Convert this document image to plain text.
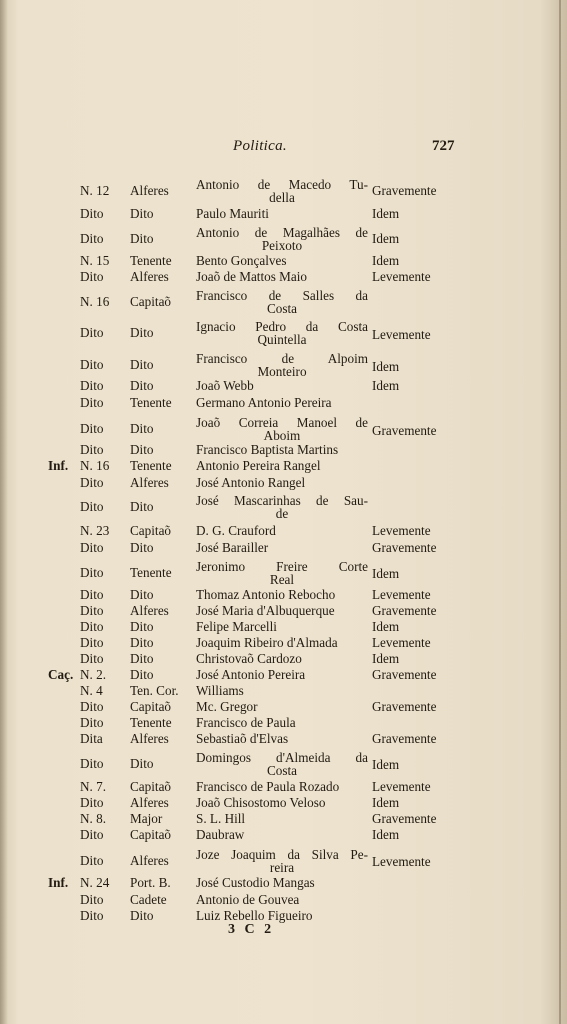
Politica.	727
N. 12 Alferes Antonio de Macedo Tu-
della	Gravemente
Dito Dito	Paulo Mauriti	Idem
Dito Dito	Antonio de Magalhães de
Peixoto	Idem
N. 15 Tenente Bento Gonçalves	Idem
Dito Alferes Joaõ de Mattos Maio	Levemente
N. 16 Capitaõ Francisco de Salles da
Costa
Dito Dito	Ignacio Pedro da Costa
Quintella	Levemente
Dito Dito	Francisco de Alpoim
Monteiro	Idem
Dito Dito	Joaõ Webb	Idem
Dito Tenente Germano Antonio Pereira
Dito Dito	Joaõ Correia Manoel de
Aboim	Gravemente
Dito Dito	Francisco Baptista Martins
Inf. N. 16 Tenente Antonio Pereira Rangel
Dito Alferes José Antonio Rangel
Dito Dito	José Mascarinhas de Sau-
de
N. 23 Capitaõ D. G. Crauford	Levemente
Dito Dito	José Barailler	Gravemente
Dito Tenente Jeronimo Freire Corte
Real	Idem
Dito Dito	Thomaz Antonio Rebocho	Levemente
Dito Alferes José Maria d'Albuquerque	Gravemente
Dito Dito	Felipe Marcelli	Idem
Dito Dito	Joaquim Ribeiro d'Almada	Levemente
Dito Dito	Christovaõ Cardozo	Idem
Caç. N. 2. Dito	José Antonio Pereira	Gravemente
N. 4 Ten. Cor. Williams
Dito Capitaõ Mc. Gregor	Gravemente
Dito Tenente Francisco de Paula
Dita Alferes Sebastiaõ d'Elvas	Gravemente
Dito Dito	Domingos d'Almeida da
Costa	Idem
N. 7. Capitaõ Francisco de Paula Rozado	Levemente
Dito Alferes Joaõ Chisostomo Veloso	Idem
N. 8. Major	S. L. Hill	Gravemente
Dito Capitaõ Daubraw	Idem
Dito Alferes Joze Joaquim da Silva Pe-
reira	Levemente
Inf. N. 24 Port. B. José Custodio Mangas
Dito Cadete Antonio de Gouvea
Dito Dito	Luiz Rebello Figueiro
3 C 2
